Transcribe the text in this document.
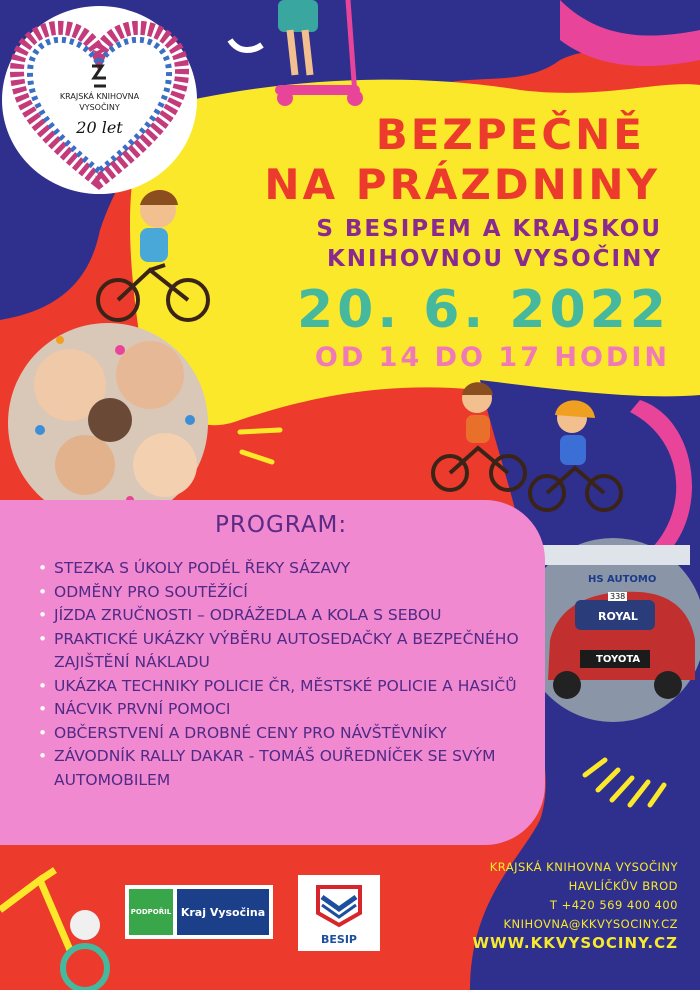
KRAJSKÁ KNIHOVNA
VYSOČINY
20 let	BEZPEČNĚ
NA PRÁZDNINY
S BESIPEM A KRAJSKOU
KNIHOVNOU VYSOČINY
20. 6. 2022
OD 14 DO 17 HODIN
PROGRAM:
• STEZKA S ÚKOLY PODÉL ŘEKY SÁZAVY
• ODMĚNY PRO SOUTĚŽÍCÍ
• JÍZDA ZRUČNOSTI – ODRÁŽEDLA A KOLA S SEBOU
• PRAKTICKÉ UKÁZKY VÝBĚRU AUTOSEDAČKY A BEZPEČNÉHO ZAJIŠTĚNÍ NÁKLADU
• UKÁZKA TECHNIKY POLICIE ČR, MĚSTSKÉ POLICIE A HASIČŮ
• NÁCVIK PRVNÍ POMOCI
• OBČERSTVENÍ A DROBNÉ CENY PRO NÁVŠTĚVNÍKY
• ZÁVODNÍK RALLY DAKAR - TOMÁŠ OUŘEDNÍČEK SE SVÝM AUTOMOBILEM
HS AUTOMO
338
ROYAL
TOYOTA
PODPOŘIL Kraj Vysočina
BESIP
KRAJSKÁ KNIHOVNA VYSOČINY
HAVLÍČKŮV BROD
T +420 569 400 400
KNIHOVNA@KKVYSOCINY.CZ
WWW.KKVYSOCINY.CZ
